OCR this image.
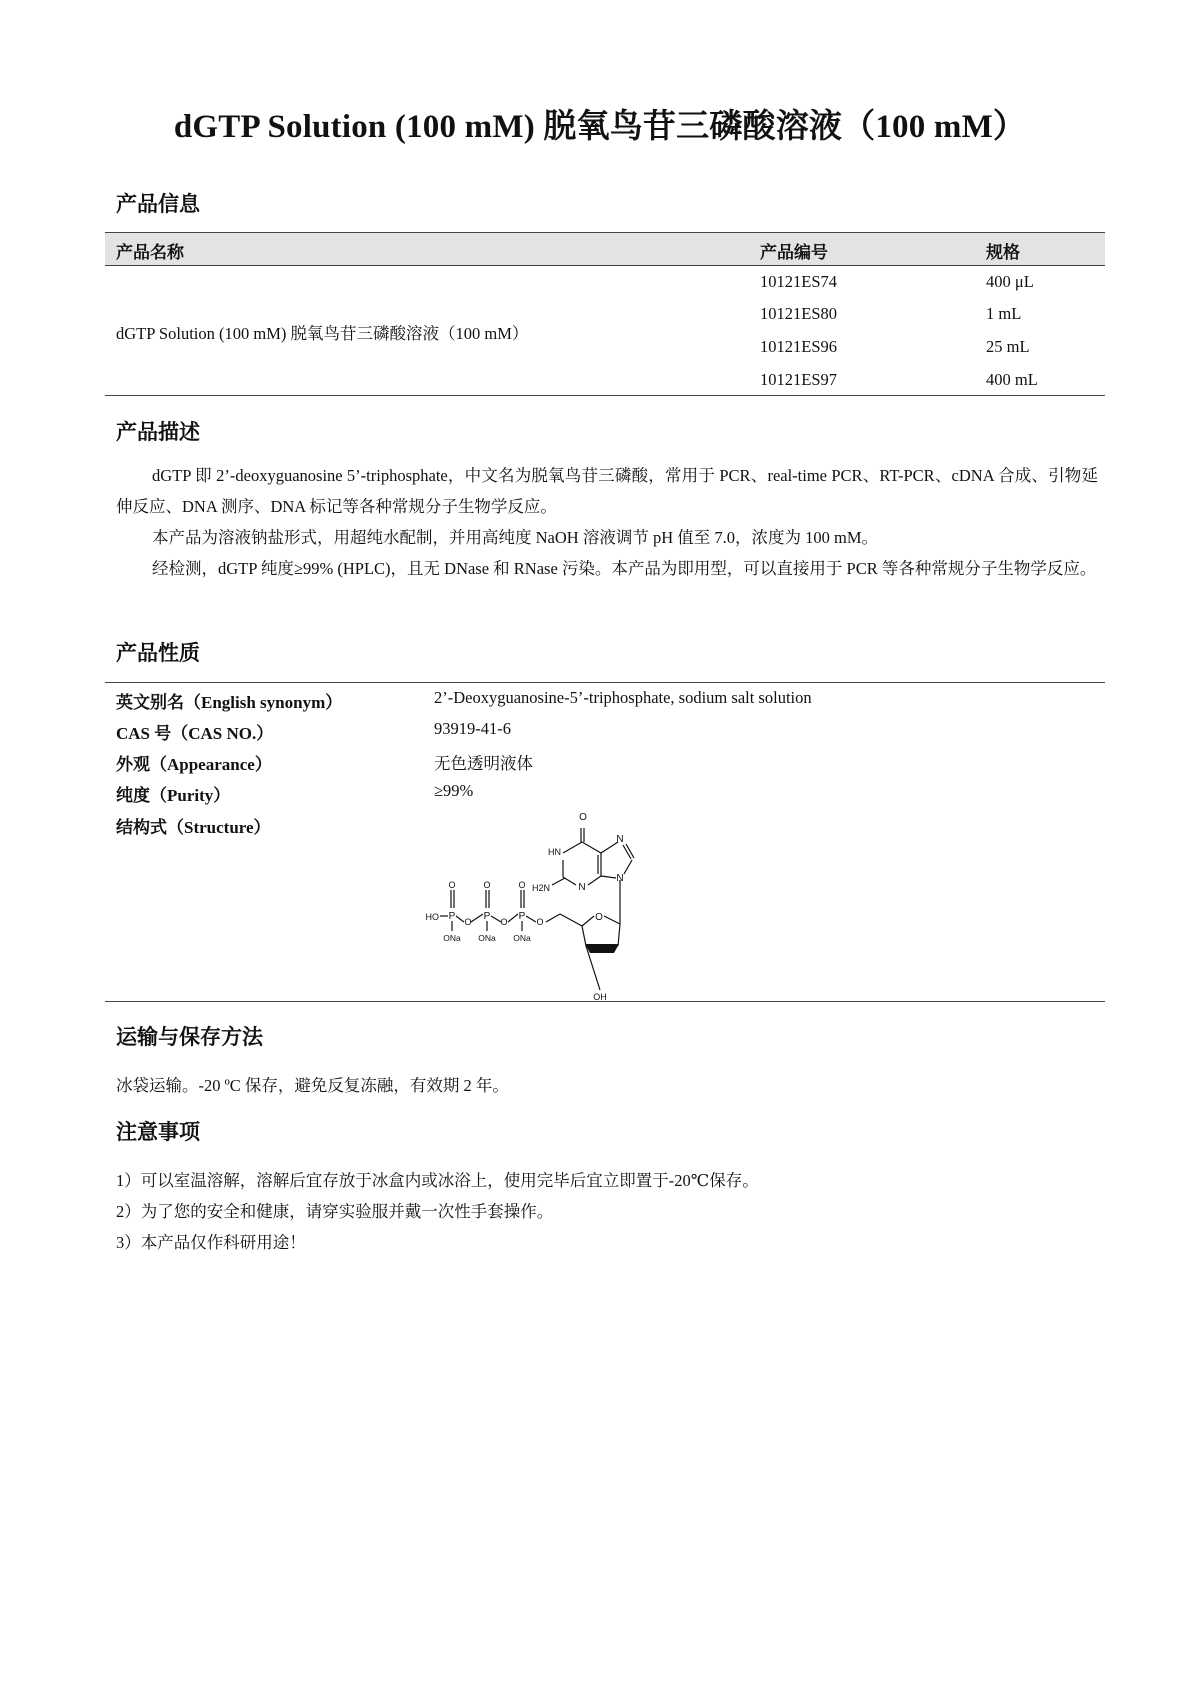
dGTP Solution (100 mM) 脱氧鸟苷三磷酸溶液（100 mM）
产品信息
产品名称	产品编号	规格
dGTP Solution (100 mM) 脱氧鸟苷三磷酸溶液（100 mM）
10121ES74	400 μL
10121ES80	1 mL
10121ES96	25 mL
10121ES97	400 mL
产品描述
dGTP 即 2’-deoxyguanosine 5’-triphosphate，中文名为脱氧鸟苷三磷酸，常用于 PCR、real-time PCR、RT-PCR、cDNA 合成、引物延伸反应、DNA 测序、DNA 标记等各种常规分子生物学反应。
本产品为溶液钠盐形式，用超纯水配制，并用高纯度 NaOH 溶液调节 pH 值至 7.0，浓度为 100 mM。
经检测，dGTP 纯度≥99% (HPLC)，且无 DNase 和 RNase 污染。本产品为即用型，可以直接用于 PCR 等各种常规分子生物学反应。
产品性质
英文别名（English synonym）	2’-Deoxyguanosine-5’-triphosphate, sodium salt solution
CAS 号（CAS NO.）	93919-41-6
外观（Appearance）	无色透明液体
纯度（Purity）	≥99%
结构式（Structure）
O
HN
N
H2N	N
N
O
HO
O	O	O
P	P	P
O	O	O
ONa ONa ONa
OH
运输与保存方法
冰袋运输。-20 ºC 保存，避免反复冻融，有效期 2 年。
注意事项
1）可以室温溶解，溶解后宜存放于冰盒内或冰浴上，使用完毕后宜立即置于-20℃保存。
2）为了您的安全和健康，请穿实验服并戴一次性手套操作。
3）本产品仅作科研用途！
